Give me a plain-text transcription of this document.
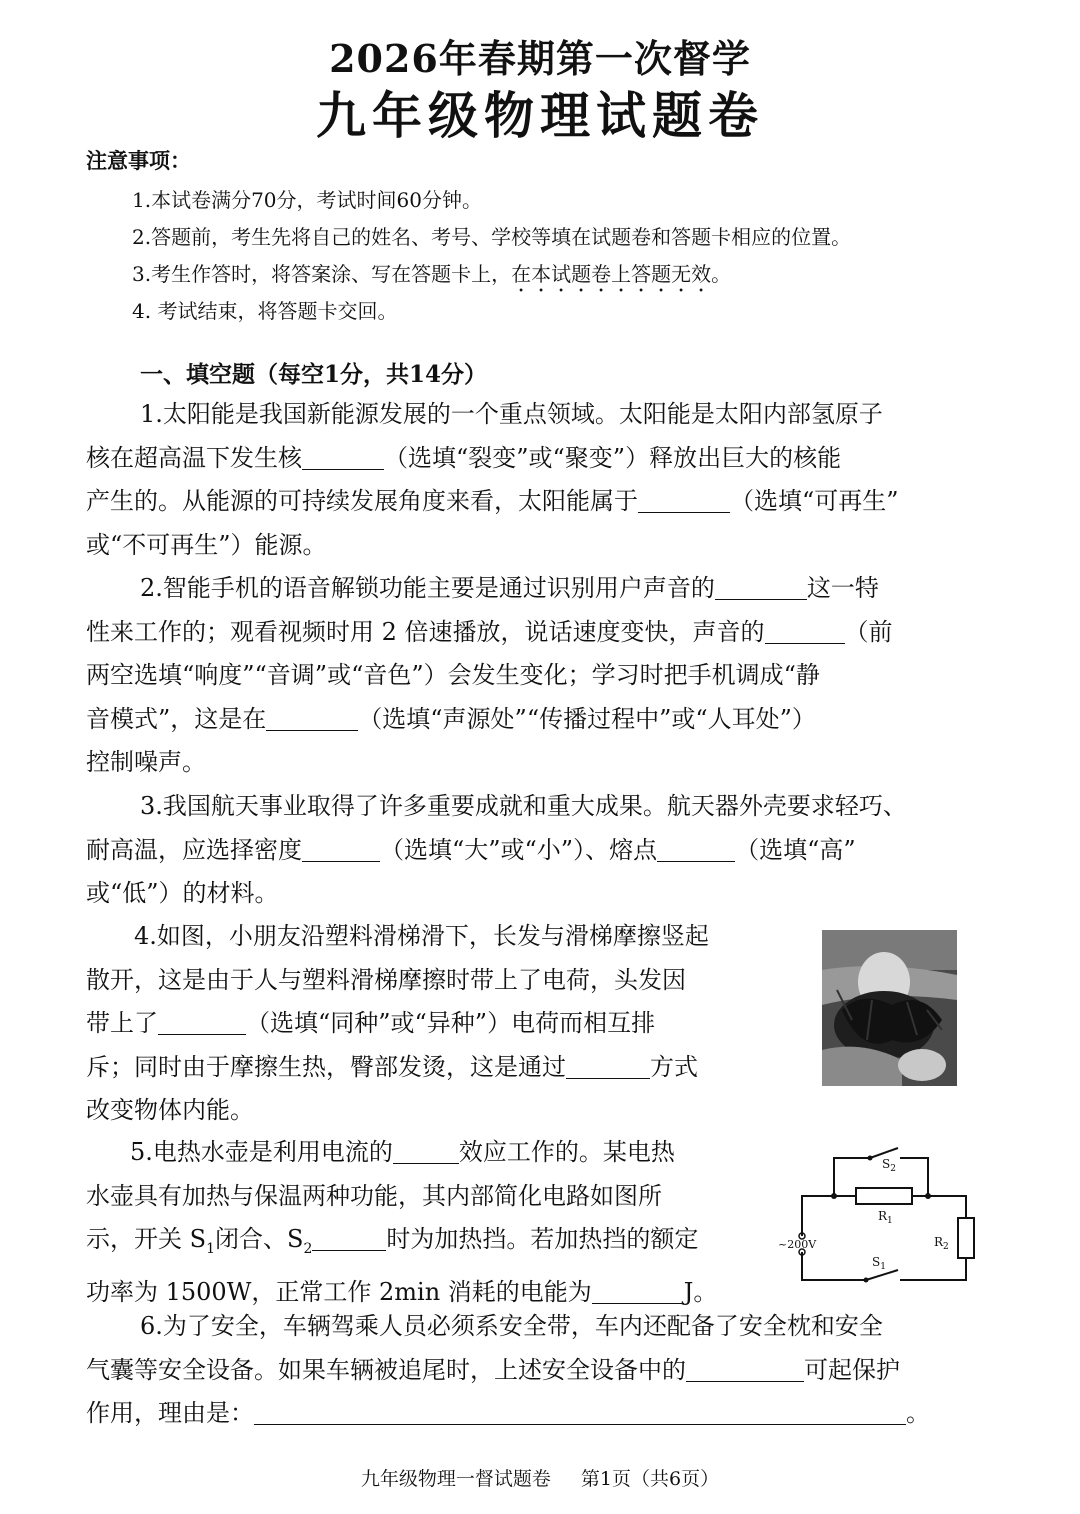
2026年春期第一次督学
九年级物理试题卷
注意事项：
1.本试卷满分70分，考试时间60分钟。
2.答题前，考生先将自己的姓名、考号、学校等填在试题卷和答题卡相应的位置。
3.考生作答时，将答案涂、写在答题卡上，在本试题卷上答题无效。
4. 考试结束，将答题卡交回。
一、填空题（每空1分，共14分）

1.太阳能是我国新能源发展的一个重点领域。太阳能是太阳内部氢原子

核在超高温下发生核	（选填“裂变”或“聚变”）释放出巨大的核能

产生的。从能源的可持续发展角度来看，太阳能属于	（选填“可再生”

或“不可再生”）能源。

2.智能手机的语音解锁功能主要是通过识别用户声音的	这一特

性来工作的；观看视频时用 2 倍速播放，说话速度变快，声音的	（前

两空选填“响度”“音调”或“音色”）会发生变化；学习时把手机调成“静

音模式”，这是在	（选填“声源处”“传播过程中”或“人耳处”）

控制噪声。

3.我国航天事业取得了许多重要成就和重大成果。航天器外壳要求轻巧、

耐高温，应选择密度	（选填“大”或“小”）、熔点	（选填“高”

或“低”）的材料。

4.如图，小朋友沿塑料滑梯滑下，长发与滑梯摩擦竖起

散开，这是由于人与塑料滑梯摩擦时带上了电荷，头发因

带上了	（选填“同种”或“异种”）电荷而相互排

斥；同时由于摩擦生热，臀部发烫，这是通过	方式

改变物体内能。

5.电热水壶是利用电流的	效应工作的。某电热

水壶具有加热与保温两种功能，其内部简化电路如图所

示，开关 $S_1$闭合、$S_2$	时为加热挡。若加热挡的额定

功率为 1500W，正常工作 2min 消耗的电能为	J。

$S_2$
$R_1$
$R_2$
$S_1$
~200V

6.为了安全，车辆驾乘人员必须系安全带，车内还配备了安全枕和安全

气囊等安全设备。如果车辆被追尾时，上述安全设备中的	可起保护

作用，理由是：	。

九年级物理一督试题卷 第1页（共6页）
